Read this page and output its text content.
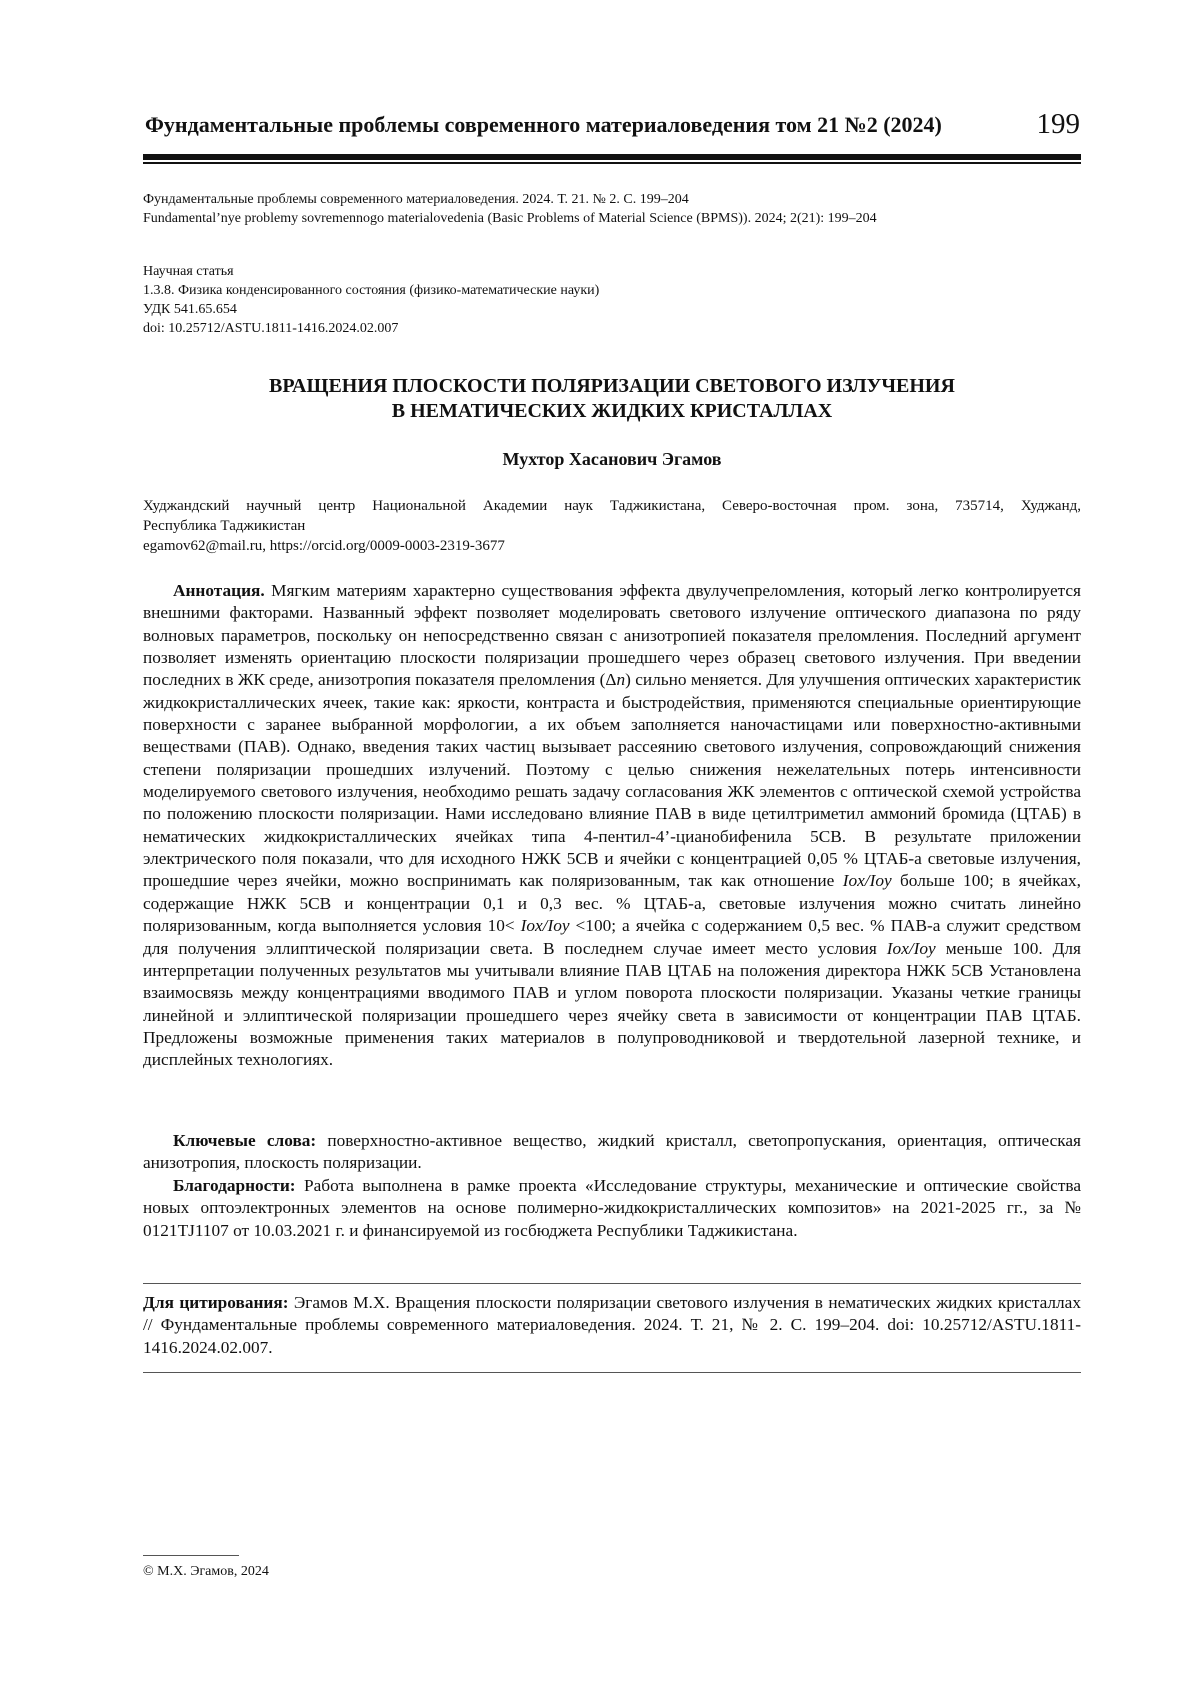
Фундаментальные проблемы современного материаловедения том 21 №2 (2024)	199
Фундаментальные проблемы современного материаловедения. 2024. Т. 21. № 2. С. 199–204
Fundamental’nye problemy sovremennogo materialovedenia (Basic Problems of Material Science (BPMS)). 2024; 2(21): 199–204
Научная статья
1.3.8. Физика конденсированного состояния (физико-математические науки)
УДК 541.65.654
doi: 10.25712/ASTU.1811-1416.2024.02.007
ВРАЩЕНИЯ ПЛОСКОСТИ ПОЛЯРИЗАЦИИ СВЕТОВОГО ИЗЛУЧЕНИЯ
В НЕМАТИЧЕСКИХ ЖИДКИХ КРИСТАЛЛАХ
Мухтор Хасанович Эгамов
Худжандский научный центр Национальной Академии наук Таджикистана, Северо-восточная пром. зона, 735714, Худжанд,
Республика Таджикистан
egamov62@mail.ru, https://orcid.org/0009-0003-2319-3677

Аннотация. Мягким материям характерно существования эффекта двулучепреломления, который легко контролируется внешними факторами. Названный эффект позволяет моделировать светового излучение оптического диапазона по ряду волновых параметров, поскольку он непосредственно связан с анизотропией показателя преломления. Последний аргумент позволяет изменять ориентацию плоскости поляризации прошедшего через образец светового излучения. При введении последних в ЖК среде, анизотропия показателя преломления (Δn) сильно меняется. Для улучшения оптических характеристик жидкокристаллических ячеек, такие как: яркости, контраста и быстродействия, применяются специальные ориентирующие поверхности с заранее выбранной морфологии, а их объем заполняется наночастицами или поверхностно-активными веществами (ПАВ). Однако, введения таких частиц вызывает рассеянию светового излучения, сопровождающий снижения степени поляризации прошедших излучений. Поэтому с целью снижения нежелательных потерь интенсивности моделируемого светового излучения, необходимо решать задачу согласования ЖК элементов с оптической схемой устройства по положению плоскости поляризации. Нами исследовано влияние ПАВ в виде цетилтриметил аммоний бромида (ЦТАБ) в нематических жидкокристаллических ячейках типа 4-пентил-4’-цианобифенила 5СВ. В результате приложении электрического поля показали, что для исходного НЖК 5СВ и ячейки с концентрацией 0,05 % ЦТАБ-а световые излучения, прошедшие через ячейки, можно воспринимать как поляризованным, так как отношение Iox/Ioy больше 100; в ячейках, содержащие НЖК 5СВ и концентрации 0,1 и 0,3 вес. % ЦТАБ-а, световые излучения можно считать линейно поляризованным, когда выполняется условия 10< Iox/Ioy <100; а ячейка с содержанием 0,5 вес. % ПАВ-а служит средством для получения эллиптической поляризации света. В последнем случае имеет место условия Iox/Ioy меньше 100. Для интерпретации полученных результатов мы учитывали влияние ПАВ ЦТАБ на положения директора НЖК 5СВ Установлена взаимосвязь между концентрациями вводимого ПАВ и углом поворота плоскости поляризации. Указаны четкие границы линейной и эллиптической поляризации прошедшего через ячейку света в зависимости от концентрации ПАВ ЦТАБ. Предложены возможные применения таких материалов в полупроводниковой и твердотельной лазерной технике, и дисплейных технологиях.

Ключевые слова: поверхностно-активное вещество, жидкий кристалл, светопропускания, ориентация, оптическая анизотропия, плоскость поляризации.

Благодарности: Работа выполнена в рамке проекта «Исследование структуры, механические и оптические свойства новых оптоэлектронных элементов на основе полимерно-жидкокристаллических композитов» на 2021-2025 гг., за № 0121TJ1107 от 10.03.2021 г. и финансируемой из госбюджета Республики Таджикистана.

Для цитирования: Эгамов М.Х. Вращения плоскости поляризации светового излучения в нематических жидких кристаллах // Фундаментальные проблемы современного материаловедения. 2024. Т. 21, № 2. С. 199–204. doi: 10.25712/ASTU.1811-1416.2024.02.007.

© М.Х. Эгамов, 2024
